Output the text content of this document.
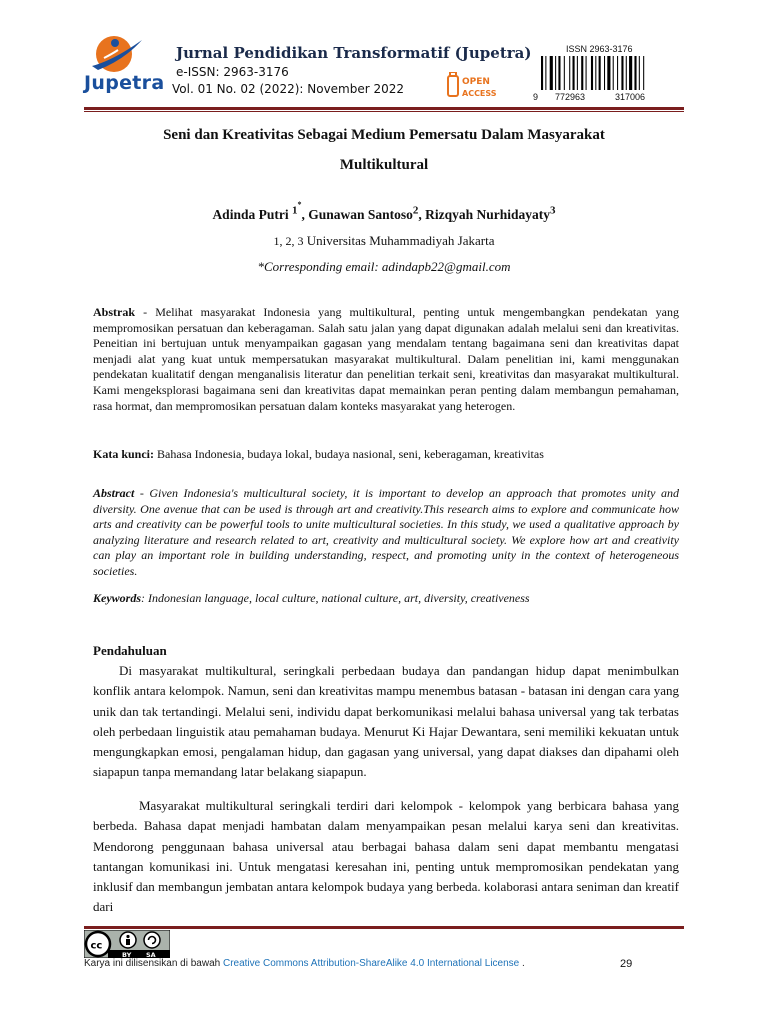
Jupetra
Jurnal Pendidikan Transformatif (Jupetra)
e-ISSN: 2963-3176
Vol. 01 No. 02 (2022): November 2022	OPEN
ACCESS	9 772963	317006
ISSN 2963-3176
Seni dan Kreativitas Sebagai Medium Pemersatu Dalam Masyarakat
Multikultural
Adinda Putri $^{1*}$, Gunawan Santoso$^2$, Rizqyah Nurhidayaty$^3$
1, 2, 3 Universitas Muhammadiyah Jakarta
*Corresponding email: adindapb22@gmail.com
Abstrak - Melihat masyarakat Indonesia yang multikultural, penting untuk mengembangkan pendekatan yang mempromosikan persatuan dan keberagaman. Salah satu jalan yang dapat digunakan adalah melalui seni dan kreativitas. Peneitian ini bertujuan untuk menyampaikan gagasan yang mendalam tentang bagaimana seni dan kreativitas dapat menjadi alat yang kuat untuk mempersatukan masyarakat multikultural. Dalam penelitian ini, kami menggunakan pendekatan kualitatif dengan menganalisis literatur dan penelitian terkait seni, kreativitas dan masyarakat multikultural. Kami mengeksplorasi bagaimana seni dan kreativitas dapat memainkan peran penting dalam membangun pemahaman, rasa hormat, dan mempromosikan persatuan dalam konteks masyarakat yang heterogen.
Kata kunci: Bahasa Indonesia, budaya lokal, budaya nasional, seni, keberagaman, kreativitas
Abstract - Given Indonesia's multicultural society, it is important to develop an approach that promotes unity and diversity. One avenue that can be used is through art and creativity.This research aims to explore and communicate how arts and creativity can be powerful tools to unite multicultural societies. In this study, we used a qualitative approach by analyzing literature and research related to art, creativity and multicultural society. We explore how art and creativity can play an important role in building understanding, respect, and promoting unity in the context of heterogeneous societies.
Keywords: Indonesian language, local culture, national culture, art, diversity, creativeness
Pendahuluan
Di masyarakat multikultural, seringkali perbedaan budaya dan pandangan hidup dapat menimbulkan konflik antara kelompok. Namun, seni dan kreativitas mampu menembus batasan - batasan ini dengan cara yang unik dan tak tertandingi. Melalui seni, individu dapat berkomunikasi melalui bahasa universal yang tak terbatas oleh perbedaan linguistik atau pemahaman budaya. Menurut Ki Hajar Dewantara, seni memiliki kekuatan untuk mengungkapkan emosi, pengalaman hidup, dan gagasan yang universal, yang dapat diakses dan dipahami oleh siapapun tanpa memandang latar belakang siapapun.
Masyarakat multikultural seringkali terdiri dari kelompok - kelompok yang berbicara bahasa yang berbeda. Bahasa dapat menjadi hambatan dalam menyampaikan pesan melalui karya seni dan kreativitas. Mendorong penggunaan bahasa universal atau berbagai bahasa dalam seni dapat membantu mengatasi tantangan komunikasi ini. Untuk mengatasi keresahan ini, penting untuk mempromosikan pendekatan yang inklusif dan membangun jembatan antara kelompok budaya yang berbeda. kolaborasi antara seniman dan kreatif dari
cc
BY SA
Karya ini dilisensikan di bawah Creative Commons Attribution-ShareAlike 4.0 International License .	29
